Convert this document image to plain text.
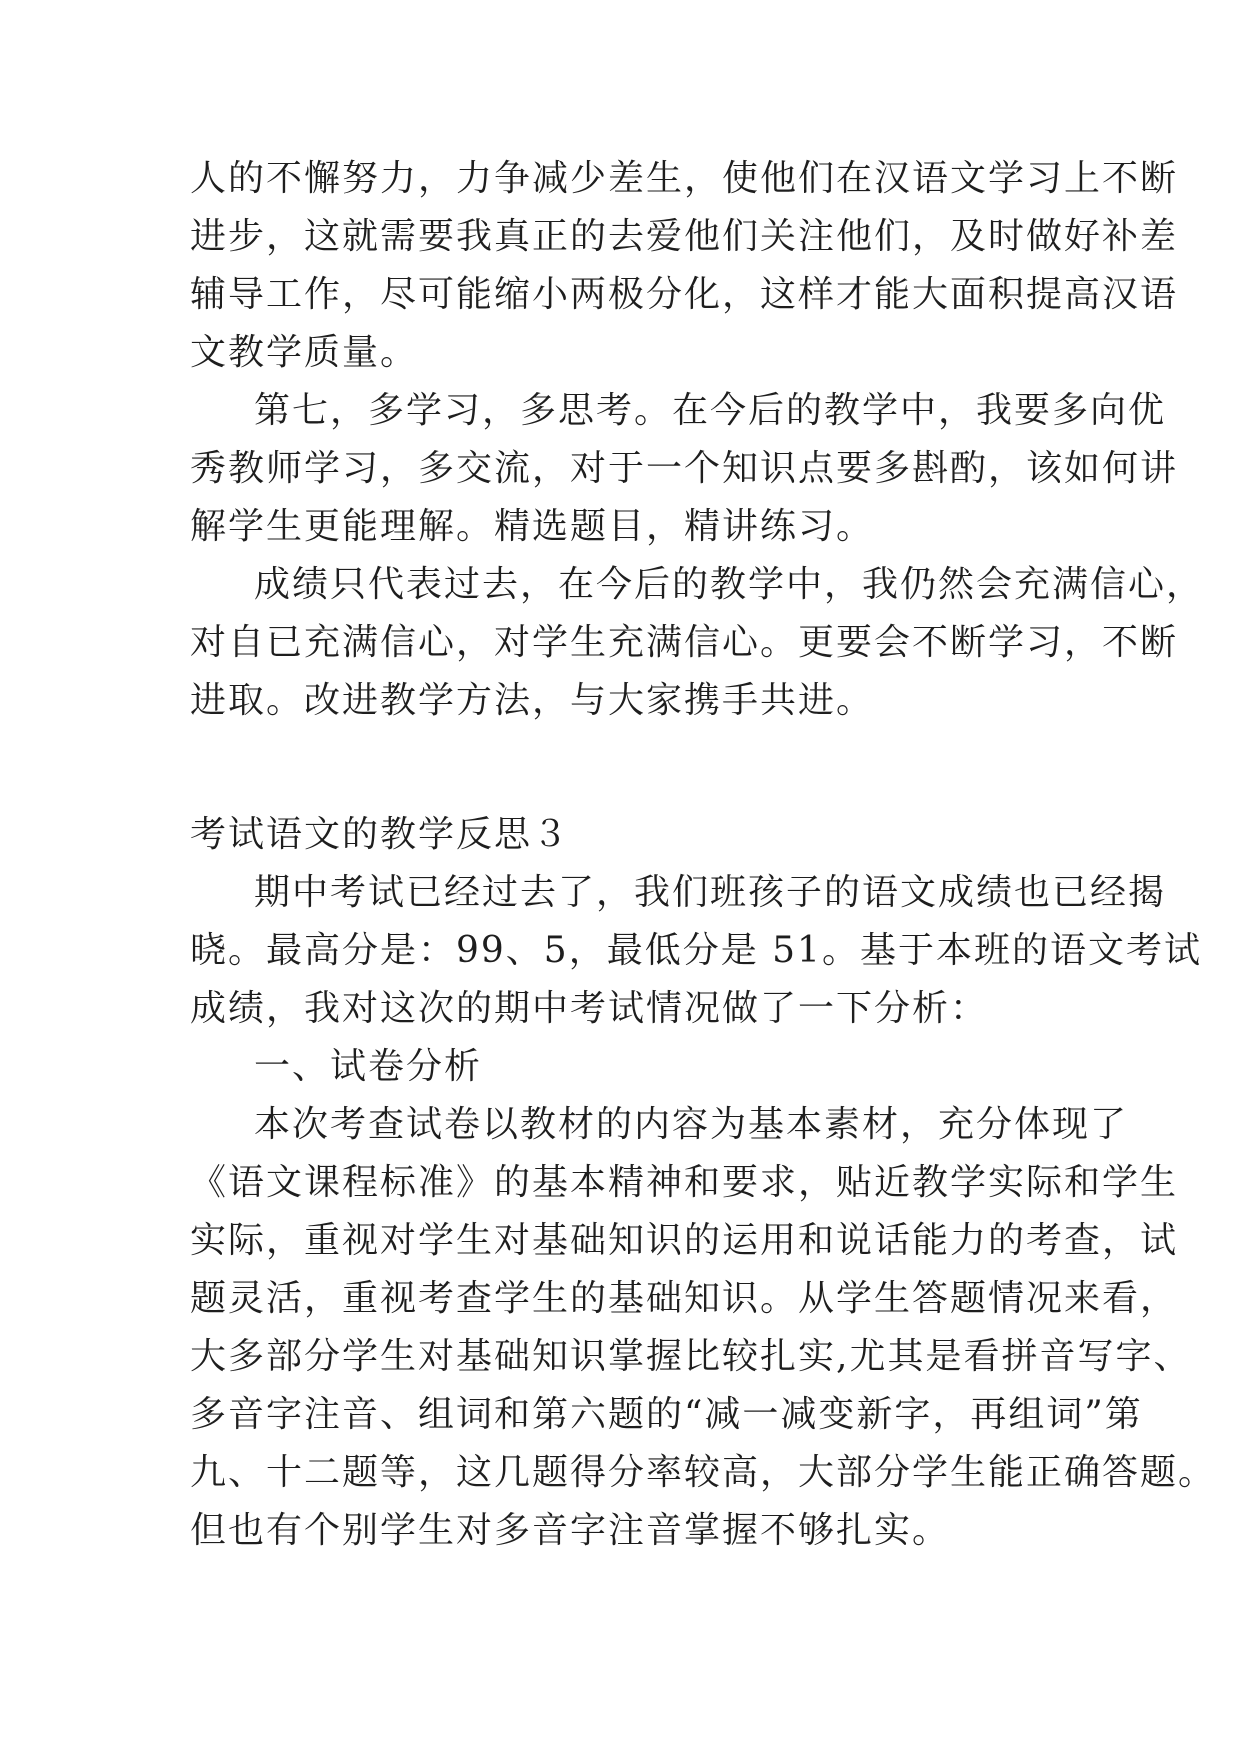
人的不懈努力，力争减少差生，使他们在汉语文学习上不断
进步，这就需要我真正的去爱他们关注他们，及时做好补差
辅导工作，尽可能缩小两极分化，这样才能大面积提高汉语
文教学质量。
第七，多学习，多思考。在今后的教学中，我要多向优
秀教师学习，多交流，对于一个知识点要多斟酌，该如何讲
解学生更能理解。精选题目，精讲练习。
成绩只代表过去，在今后的教学中，我仍然会充满信心，
对自已充满信心，对学生充满信心。更要会不断学习，不断
进取。改进教学方法，与大家携手共进。
考试语文的教学反思３
期中考试已经过去了，我们班孩子的语文成绩也已经揭
晓。最高分是：99、5，最低分是 51。基于本班的语文考试
成绩，我对这次的期中考试情况做了一下分析：
一、试卷分析
本次考查试卷以教材的内容为基本素材，充分体现了
《语文课程标准》的基本精神和要求，贴近教学实际和学生
实际，重视对学生对基础知识的运用和说话能力的考查，试
题灵活，重视考查学生的基础知识。从学生答题情况来看，
大多部分学生对基础知识掌握比较扎实,尤其是看拼音写字、
多音字注音、组词和第六题的“减一减变新字，再组词”第
九、十二题等，这几题得分率较高，大部分学生能正确答题。
但也有个别学生对多音字注音掌握不够扎实。
